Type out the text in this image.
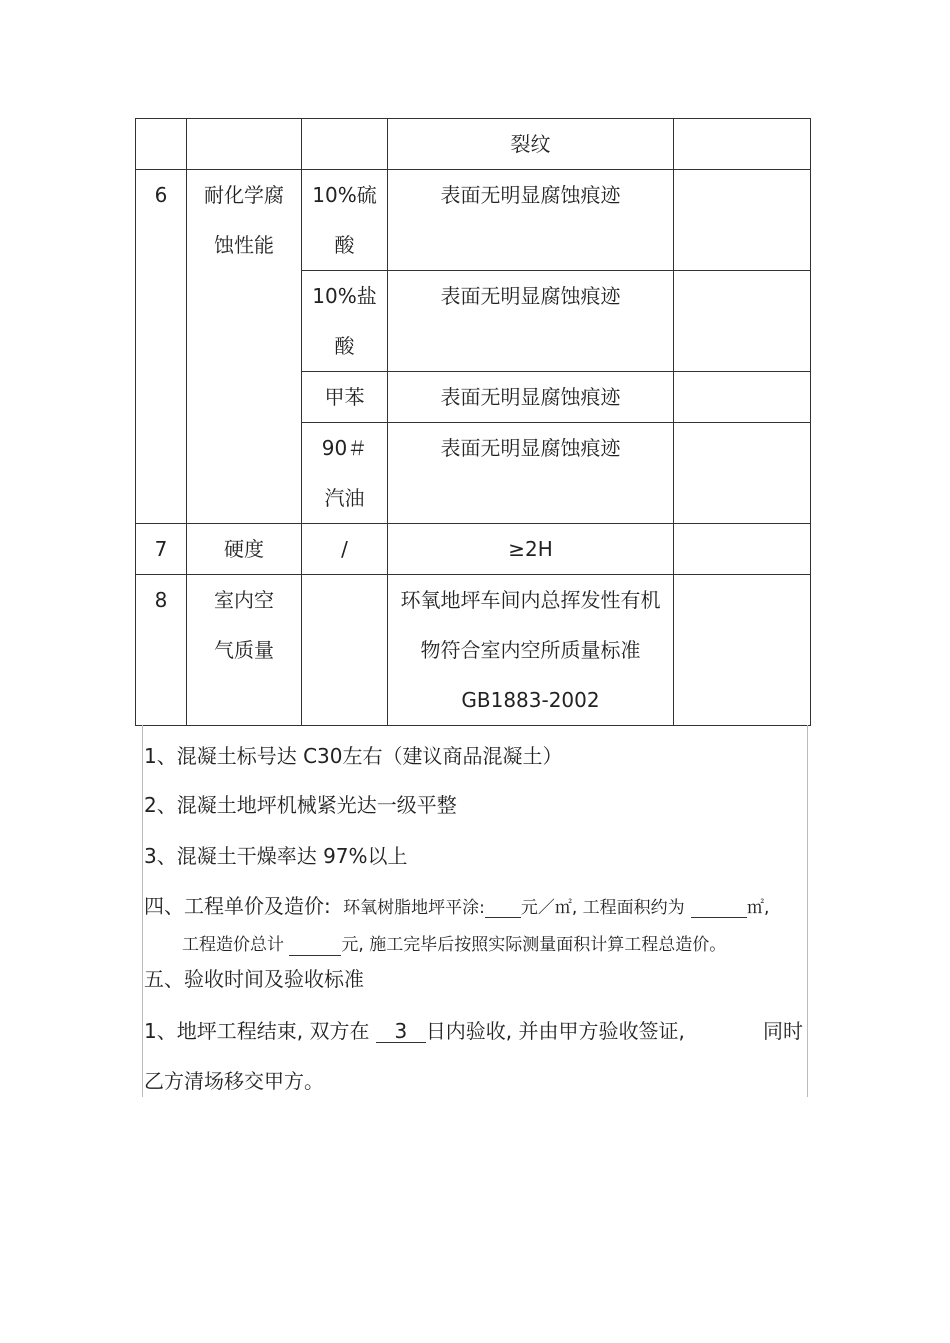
			裂纹	
6	耐化学腐蚀性能	10%硫酸	表面无明显腐蚀痕迹	

		10%盐酸	表面无明显腐蚀痕迹	
		甲苯	表面无明显腐蚀痕迹	

		90＃汽油	表面无明显腐蚀痕迹	
7	硬度	/	≥2H	
8	室内空气质量		环氧地坪车间内总挥发性有机物符合室内空所质量标准
GB1883-2002	

1、混凝土标号达 C30左右（建议商品混凝土）
2、混凝土地坪机械紧光达一级平整
3、混凝土干燥率达 97%以上
四、工程单价及造价: 环氧树脂地坪平涂: 元／㎡, 工程面积约为	㎡,
工程造价总计	元, 施工完毕后按照实际测量面积计算工程总造价。
五、验收时间及验收标准
1、地坪工程结束, 双方在 3 日内验收, 并由甲方验收签证,	同时
乙方清场移交甲方。
